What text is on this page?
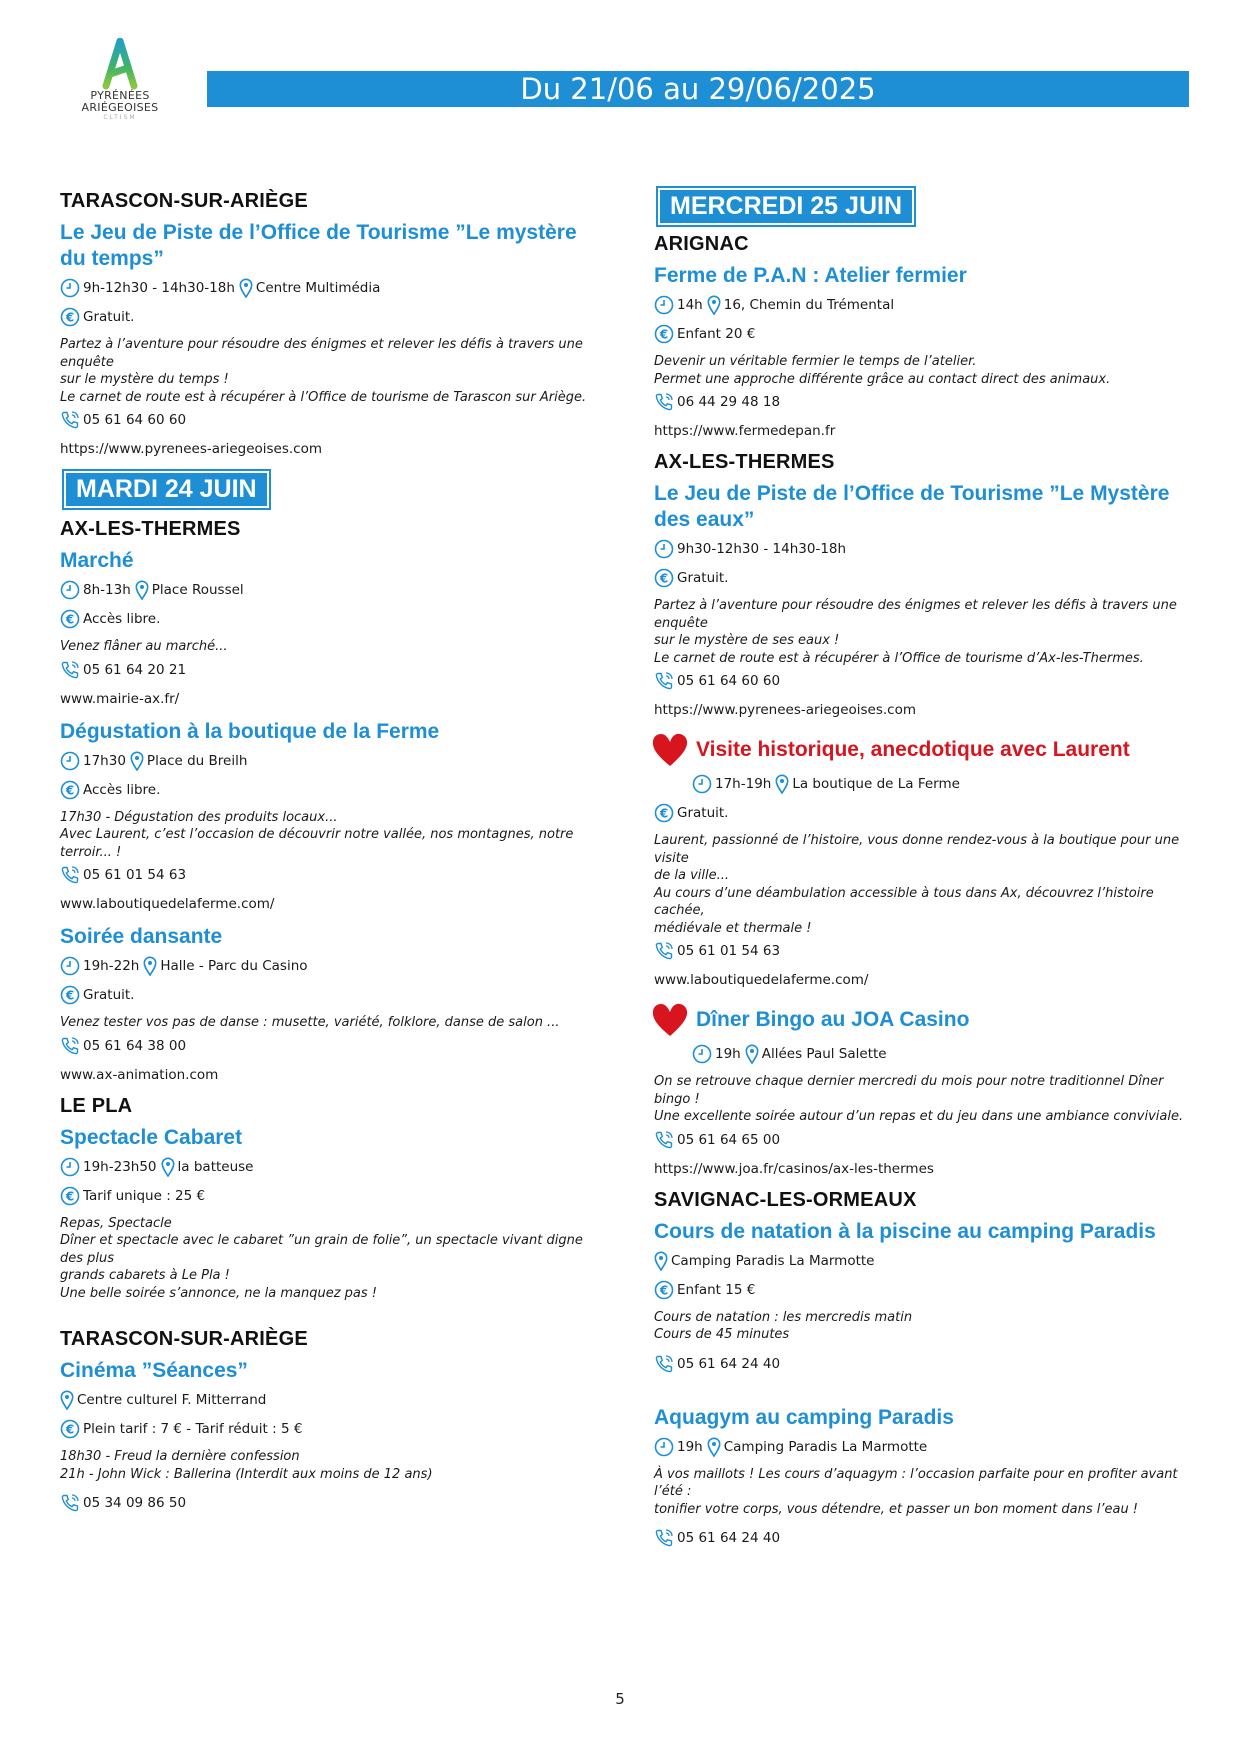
PYRÉNÉES
ARIÉGEOISES
CLTISM
Du 21/06 au 29/06/2025
TARASCON-SUR-ARIÈGE
Le Jeu de Piste de l’Office de Tourisme ”Le mystère du temps”
9h-12h30 - 14h30-18h Centre Multimédia
€ Gratuit.
Partez à l’aventure pour résoudre des énigmes et relever les défis à travers une enquête
sur le mystère du temps !
Le carnet de route est à récupérer à l’Office de tourisme de Tarascon sur Ariège.
05 61 64 60 60
https://www.pyrenees-ariegeoises.com
MARDI 24 JUIN
AX-LES-THERMES
Marché
8h-13h Place Roussel
€ Accès libre.
Venez flâner au marché...
05 61 64 20 21
www.mairie-ax.fr/
Dégustation à la boutique de la Ferme
17h30 Place du Breilh
€ Accès libre.
17h30 - Dégustation des produits locaux...
Avec Laurent, c’est l’occasion de découvrir notre vallée, nos montagnes, notre terroir... !
05 61 01 54 63
www.laboutiquedelaferme.com/
Soirée dansante
19h-22h Halle - Parc du Casino
€ Gratuit.
Venez tester vos pas de danse : musette, variété, folklore, danse de salon ...
05 61 64 38 00
www.ax-animation.com
LE PLA
Spectacle Cabaret
19h-23h50 la batteuse
€ Tarif unique : 25 €
Repas, Spectacle
Dîner et spectacle avec le cabaret ”un grain de folie”, un spectacle vivant digne des plus
grands cabarets à Le Pla !
Une belle soirée s’annonce, ne la manquez pas !
TARASCON-SUR-ARIÈGE
Cinéma ”Séances”
Centre culturel F. Mitterrand
€ Plein tarif : 7 € - Tarif réduit : 5 €
18h30 - Freud la dernière confession
21h - John Wick : Ballerina (Interdit aux moins de 12 ans)
05 34 09 86 50
MERCREDI 25 JUIN
ARIGNAC
Ferme de P.A.N : Atelier fermier
14h 16, Chemin du Trémental
€ Enfant 20 €
Devenir un véritable fermier le temps de l’atelier.
Permet une approche différente grâce au contact direct des animaux.
06 44 29 48 18
https://www.fermedepan.fr
AX-LES-THERMES
Le Jeu de Piste de l’Office de Tourisme ”Le Mystère des eaux”
9h30-12h30 - 14h30-18h
€ Gratuit.
Partez à l’aventure pour résoudre des énigmes et relever les défis à travers une enquête
sur le mystère de ses eaux !
Le carnet de route est à récupérer à l’Office de tourisme d’Ax-les-Thermes.
05 61 64 60 60
https://www.pyrenees-ariegeoises.com
Visite historique, anecdotique avec Laurent
17h-19h La boutique de La Ferme
€ Gratuit.
Laurent, passionné de l’histoire, vous donne rendez-vous à la boutique pour une visite
de la ville...
Au cours d’une déambulation accessible à tous dans Ax, découvrez l’histoire cachée,
médiévale et thermale !
05 61 01 54 63
www.laboutiquedelaferme.com/
Dîner Bingo au JOA Casino
19h Allées Paul Salette
On se retrouve chaque dernier mercredi du mois pour notre traditionnel Dîner bingo !
Une excellente soirée autour d’un repas et du jeu dans une ambiance conviviale.
05 61 64 65 00
https://www.joa.fr/casinos/ax-les-thermes
SAVIGNAC-LES-ORMEAUX
Cours de natation à la piscine au camping Paradis
Camping Paradis La Marmotte
€ Enfant 15 €
Cours de natation : les mercredis matin
Cours de 45 minutes
05 61 64 24 40
Aquagym au camping Paradis
19h Camping Paradis La Marmotte
À vos maillots ! Les cours d’aquagym : l’occasion parfaite pour en profiter avant l’été :
tonifier votre corps, vous détendre, et passer un bon moment dans l’eau !
05 61 64 24 40
5
